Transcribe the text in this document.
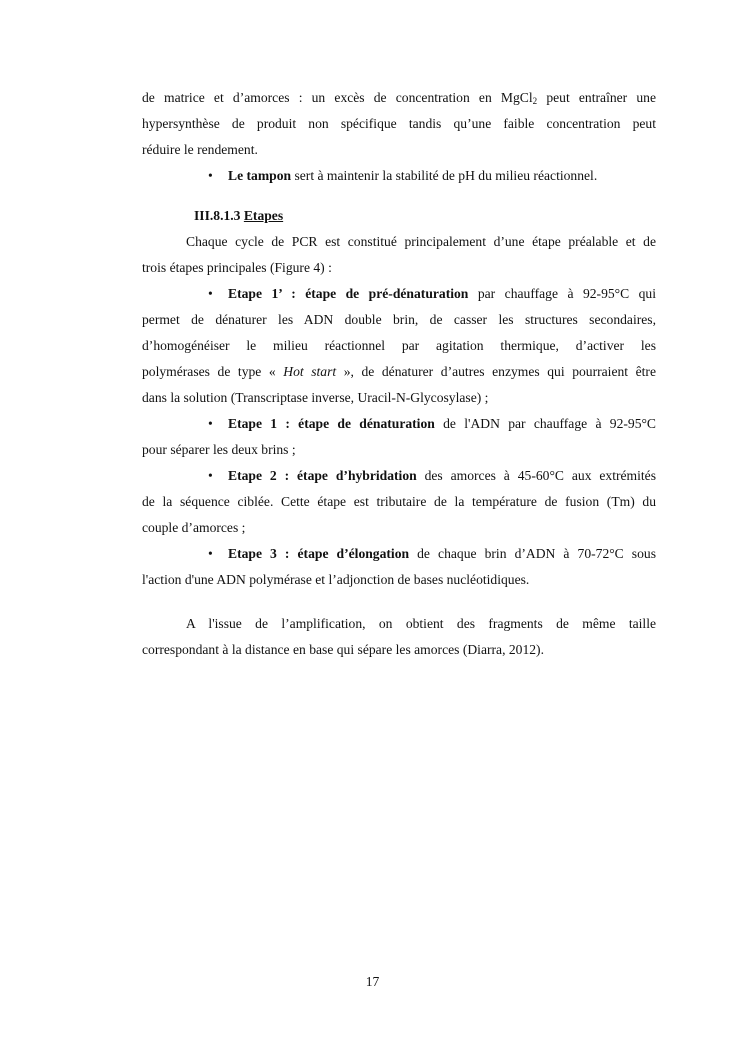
de matrice et d’amorces : un excès de concentration en MgCl$_2$ peut entraîner une
hypersynthèse de produit non spécifique tandis qu’une faible concentration peut
réduire le rendement.
• Le tampon sert à maintenir la stabilité de pH du milieu réactionnel.
III.8.1.3 Etapes
Chaque cycle de PCR est constitué principalement d’une étape préalable et de
trois étapes principales (Figure 4) :
• Etape 1’ : étape de pré-dénaturation par chauffage à 92-95°C qui
permet de dénaturer les ADN double brin, de casser les structures secondaires,
d’homogénéiser le milieu réactionnel par agitation thermique, d’activer les
polymérases de type « Hot start », de dénaturer d’autres enzymes qui pourraient être
dans la solution (Transcriptase inverse, Uracil-N-Glycosylase) ;
• Etape 1 : étape de dénaturation de l'ADN par chauffage à 92-95°C
pour séparer les deux brins ;
• Etape 2 : étape d’hybridation des amorces à 45-60°C aux extrémités
de la séquence ciblée. Cette étape est tributaire de la température de fusion (Tm) du
couple d’amorces ;
• Etape 3 : étape d’élongation de chaque brin d’ADN à 70-72°C sous
l'action d'une ADN polymérase et l’adjonction de bases nucléotidiques.
A l'issue de l’amplification, on obtient des fragments de même taille
correspondant à la distance en base qui sépare les amorces (Diarra, 2012).
17
